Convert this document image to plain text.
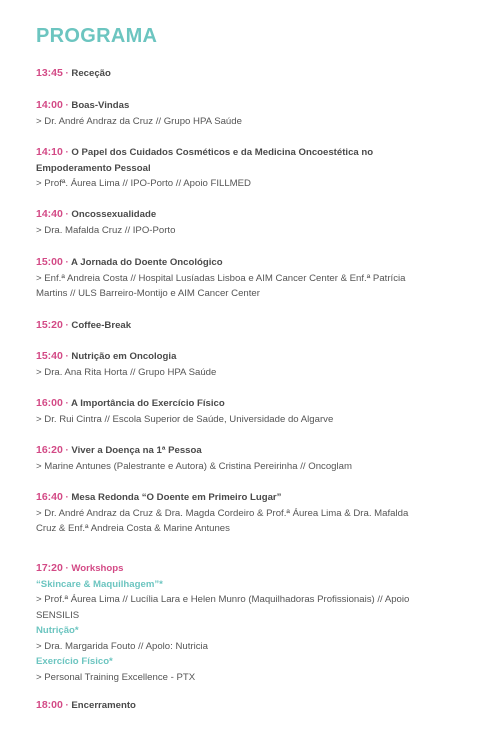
PROGRAMA

13:45 · Receção

14:00 · Boas-Vindas

> Dr. André Andraz da Cruz // Grupo HPA Saúde

14:10 · O Papel dos Cuidados Cosméticos e da Medicina Oncoestética no

Empoderamento Pessoal

> Profª. Áurea Lima // IPO-Porto // Apoio FILLMED

14:40 · Oncossexualidade

> Dra. Mafalda Cruz // IPO-Porto

15:00 · A Jornada do Doente Oncológico

> Enf.ª Andreia Costa // Hospital Lusíadas Lisboa e AIM Cancer Center & Enf.ª Patrícia

Martins // ULS Barreiro-Montijo e AIM Cancer Center

15:20 · Coffee-Break

15:40 · Nutrição em Oncologia

> Dra. Ana Rita Horta // Grupo HPA Saúde

16:00 · A Importância do Exercício Físico

> Dr. Rui Cintra // Escola Superior de Saúde, Universidade do Algarve

16:20 · Viver a Doença na 1ª Pessoa

> Marine Antunes (Palestrante e Autora) & Cristina Pereirinha // Oncoglam

16:40 · Mesa Redonda “O Doente em Primeiro Lugar”

> Dr. André Andraz da Cruz & Dra. Magda Cordeiro & Prof.ª Áurea Lima & Dra. Mafalda

Cruz & Enf.ª Andreia Costa & Marine Antunes

17:20 · Workshops

“Skincare & Maquilhagem”*

> Prof.ª Áurea Lima // Lucília Lara e Helen Munro (Maquilhadoras Profissionais) // Apoio

SENSILIS

Nutrição*

> Dra. Margarida Fouto // Apolo: Nutricia

Exercício Físico*

> Personal Training Excellence - PTX

18:00 · Encerramento
